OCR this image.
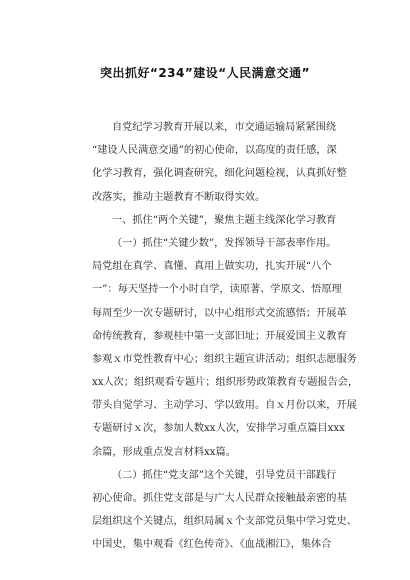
突出抓好“234”建设“人民满意交通”
自党纪学习教育开展以来，市交通运输局紧紧围绕
“建设人民满意交通”的初心使命，以高度的责任感，深
化学习教育，强化调查研究，细化问题检视，认真抓好整
改落实，推动主题教育不断取得实效。
一、抓住“两个关键”，聚焦主题主线深化学习教育
（一）抓住“关键少数”，发挥领导干部表率作用。
局党组在真学、真懂、真用上做实功，扎实开展“八个
一”：每天坚持一个小时自学，读原著、学原文、悟原理
每周至少一次专题研讨，以中心组形式交流感悟；开展革
命传统教育，参观桂中第一支部旧址；开展爱国主义教育
参观ｘ市党性教育中心；组织主题宣讲活动；组织志愿服务
xx人次；组织观看专题片；组织形势政策教育专题报告会，
带头自觉学习、主动学习、学以致用。自ｘ月份以来，开展
专题研讨ｘ次，参加人数xx人次，安排学习重点篇目xxx
余篇，形成重点发言材料xx篇。
（二）抓住“党支部”这个关键，引导党员干部践行
初心使命。抓住党支部是与广大人民群众接触最亲密的基
层组织这个关键点，组织局属ｘ个支部党员集中学习党史、
中国史，集中观看《红色传奇》、《血战湘江》，集体合
